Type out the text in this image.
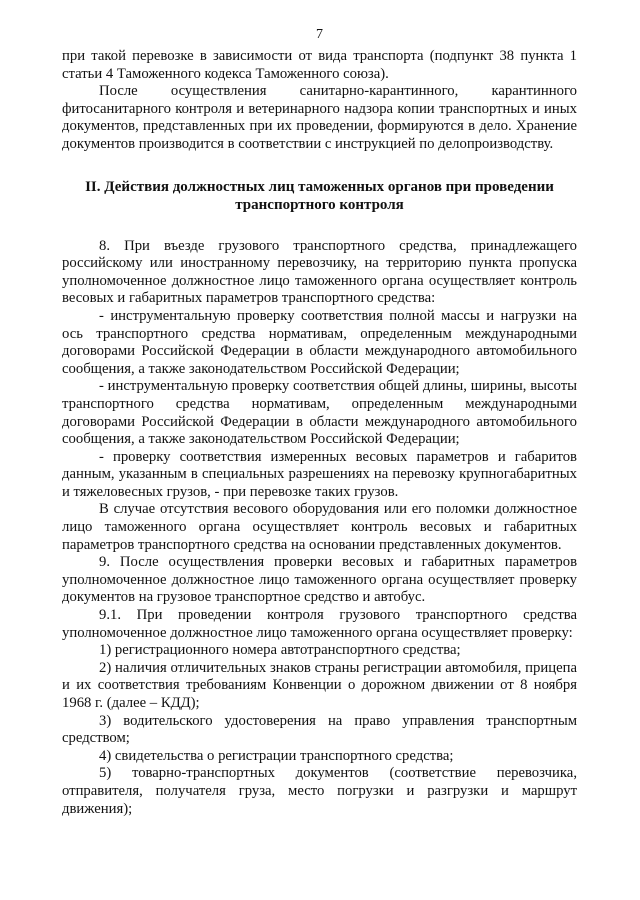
7

при такой перевозке в зависимости от вида транспорта (подпункт 38 пункта 1 статьи 4 Таможенного кодекса Таможенного союза).

После осуществления санитарно-карантинного, карантинного фитосанитарного контроля и ветеринарного надзора копии транспортных и иных документов, представленных при их проведении, формируются в дело. Хранение документов производится в соответствии с инструкцией по делопроизводству.

II. Действия должностных лиц таможенных органов при проведении транспортного контроля

8. При въезде грузового транспортного средства, принадлежащего российскому или иностранному перевозчику, на территорию пункта пропуска уполномоченное должностное лицо таможенного органа осуществляет контроль весовых и габаритных параметров транспортного средства:

- инструментальную проверку соответствия полной массы и нагрузки на ось транспортного средства нормативам, определенным международными договорами Российской Федерации в области международного автомобильного сообщения, а также законодательством Российской Федерации;

- инструментальную проверку соответствия общей длины, ширины, высоты транспортного средства нормативам, определенным международными договорами Российской Федерации в области международного автомобильного сообщения, а также законодательством Российской Федерации;

- проверку соответствия измеренных весовых параметров и габаритов данным, указанным в специальных разрешениях на перевозку крупногабаритных и тяжеловесных грузов, - при перевозке таких грузов.

В случае отсутствия весового оборудования или его поломки должностное лицо таможенного органа осуществляет контроль весовых и габаритных параметров транспортного средства на основании представленных документов.

9. После осуществления проверки весовых и габаритных параметров уполномоченное должностное лицо таможенного органа осуществляет проверку документов на грузовое транспортное средство и автобус.

9.1. При проведении контроля грузового транспортного средства уполномоченное должностное лицо таможенного органа осуществляет проверку:

1) регистрационного номера автотранспортного средства;

2) наличия отличительных знаков страны регистрации автомобиля, прицепа и их соответствия требованиям Конвенции о дорожном движении от 8 ноября 1968 г. (далее – КДД);

3) водительского удостоверения на право управления транспортным средством;

4) свидетельства о регистрации транспортного средства;

5) товарно-транспортных документов (соответствие перевозчика, отправителя, получателя груза, место погрузки и разгрузки и маршрут движения);
